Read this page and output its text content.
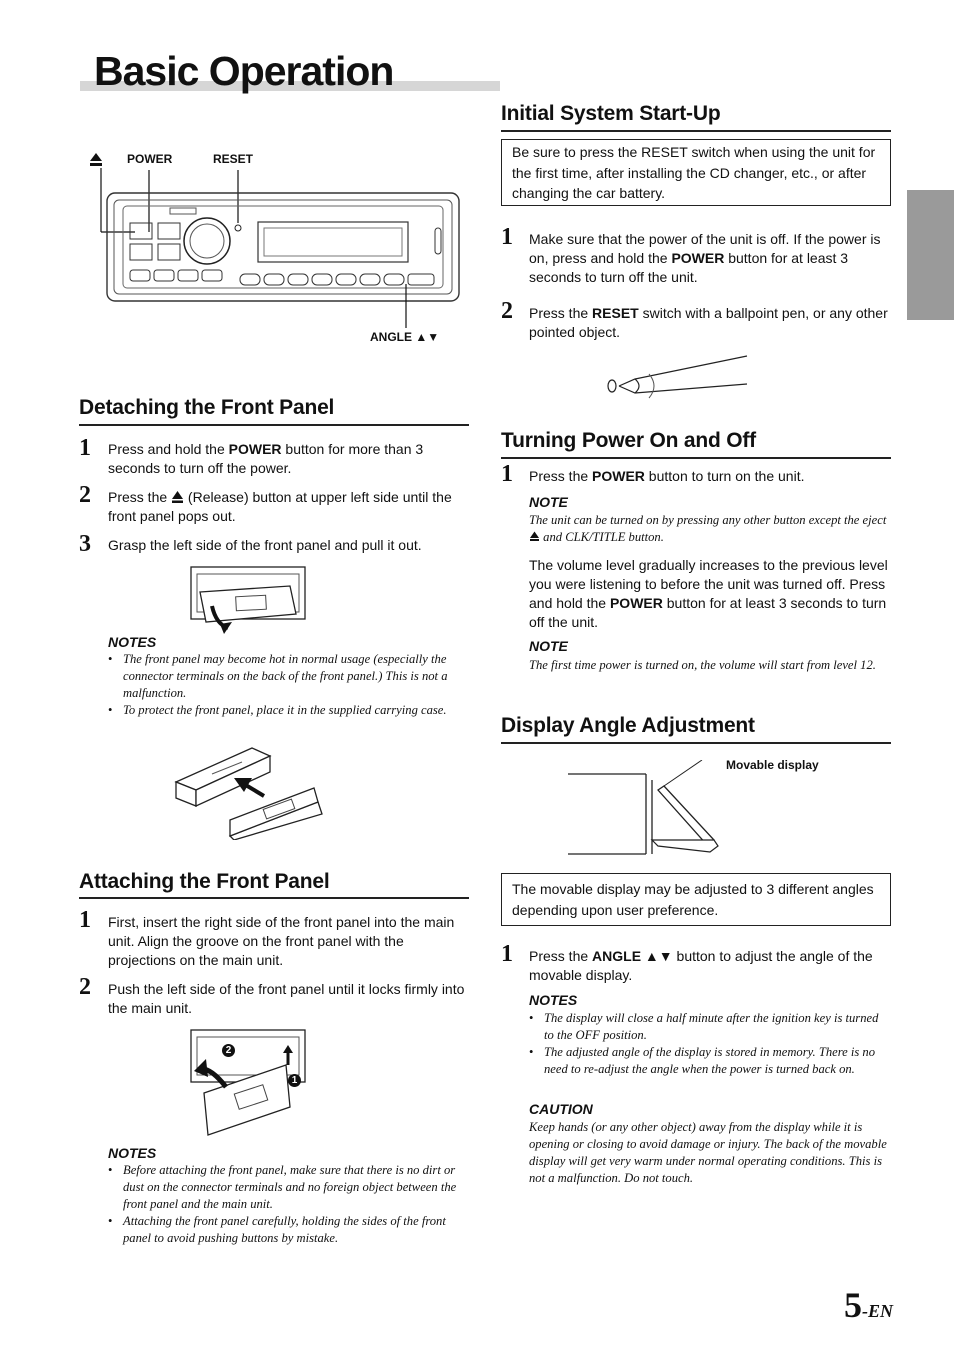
Basic Operation
POWER	RESET
ANGLE ▲▼
Detaching the Front Panel
1 Press and hold the POWER button for more than 3 seconds to turn off the power.
2 Press the  (Release) button at upper left side until the front panel pops out.
3 Grasp the left side of the front panel and pull it out.
NOTES
• The front panel may become hot in normal usage (especially the connector terminals on the back of the front panel.) This is not a malfunction.
• To protect the front panel, place it in the supplied carrying case.
Attaching the Front Panel
1 First, insert the right side of the front panel into the main unit. Align the groove on the front panel with the projections on the main unit.
2 Push the left side of the front panel until it locks firmly into the main unit.
2
1
NOTES
• Before attaching the front panel, make sure that there is no dirt or dust on the connector terminals and no foreign object between the front panel and the main unit.
• Attaching the front panel carefully, holding the sides of the front panel to avoid pushing buttons by mistake.
Initial System Start-Up
Be sure to press the RESET switch when using the unit for the first time, after installing the CD changer, etc., or after changing the car battery.
1 Make sure that the power of the unit is off. If the power is on, press and hold the POWER button for at least 3 seconds to turn off the unit.
2 Press the RESET switch with a ballpoint pen, or any other pointed object.
Turning Power On and Off
1 Press the POWER button to turn on the unit.
NOTE
The unit can be turned on by pressing any other button except the eject  and CLK/TITLE button.
The volume level gradually increases to the previous level you were listening to before the unit was turned off. Press and hold the POWER button for at least 3 seconds to turn off the unit.
NOTE
The first time power is turned on, the volume will start from level 12.
Display Angle Adjustment
Movable display
The movable display may be adjusted to 3 different angles depending upon user preference.
1 Press the ANGLE ▲▼ button to adjust the angle of the movable display.
NOTES
• The display will close a half minute after the ignition key is turned to the OFF position.
• The adjusted angle of the display is stored in memory. There is no need to re-adjust the angle when the power is turned back on.
CAUTION
Keep hands (or any other object) away from the display while it is opening or closing to avoid damage or injury. The back of the movable display will get very warm under normal operating conditions. This is not a malfunction. Do not touch.
5-EN
